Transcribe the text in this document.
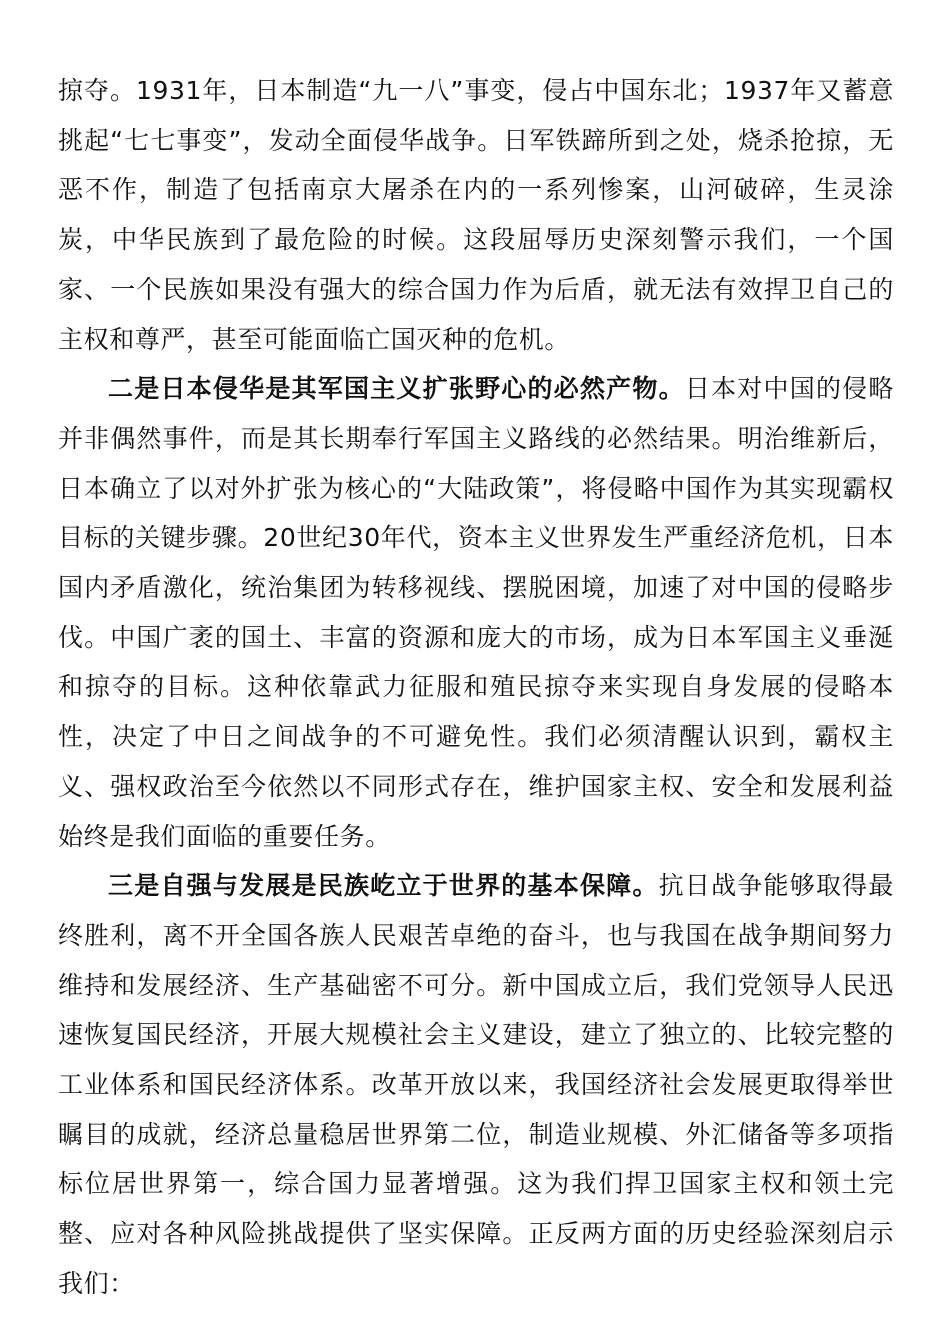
掠夺。1931年，日本制造“九一八”事变，侵占中国东北；1937年又蓄意挑起“七七事变”，发动全面侵华战争。日军铁蹄所到之处，烧杀抢掠，无恶不作，制造了包括南京大屠杀在内的一系列惨案，山河破碎，生灵涂炭，中华民族到了最危险的时候。这段屈辱历史深刻警示我们，一个国家、一个民族如果没有强大的综合国力作为后盾，就无法有效捍卫自己的主权和尊严，甚至可能面临亡国灭种的危机。

二是日本侵华是其军国主义扩张野心的必然产物。日本对中国的侵略并非偶然事件，而是其长期奉行军国主义路线的必然结果。明治维新后，日本确立了以对外扩张为核心的“大陆政策”，将侵略中国作为其实现霸权目标的关键步骤。20世纪30年代，资本主义世界发生严重经济危机，日本国内矛盾激化，统治集团为转移视线、摆脱困境，加速了对中国的侵略步伐。中国广袤的国土、丰富的资源和庞大的市场，成为日本军国主义垂涎和掠夺的目标。这种依靠武力征服和殖民掠夺来实现自身发展的侵略本性，决定了中日之间战争的不可避免性。我们必须清醒认识到，霸权主义、强权政治至今依然以不同形式存在，维护国家主权、安全和发展利益始终是我们面临的重要任务。

三是自强与发展是民族屹立于世界的基本保障。抗日战争能够取得最终胜利，离不开全国各族人民艰苦卓绝的奋斗，也与我国在战争期间努力维持和发展经济、生产基础密不可分。新中国成立后，我们党领导人民迅速恢复国民经济，开展大规模社会主义建设，建立了独立的、比较完整的工业体系和国民经济体系。改革开放以来，我国经济社会发展更取得举世瞩目的成就，经济总量稳居世界第二位，制造业规模、外汇储备等多项指标位居世界第一，综合国力显著增强。这为我们捍卫国家主权和领土完整、应对各种风险挑战提供了坚实保障。正反两方面的历史经验深刻启示我们：
